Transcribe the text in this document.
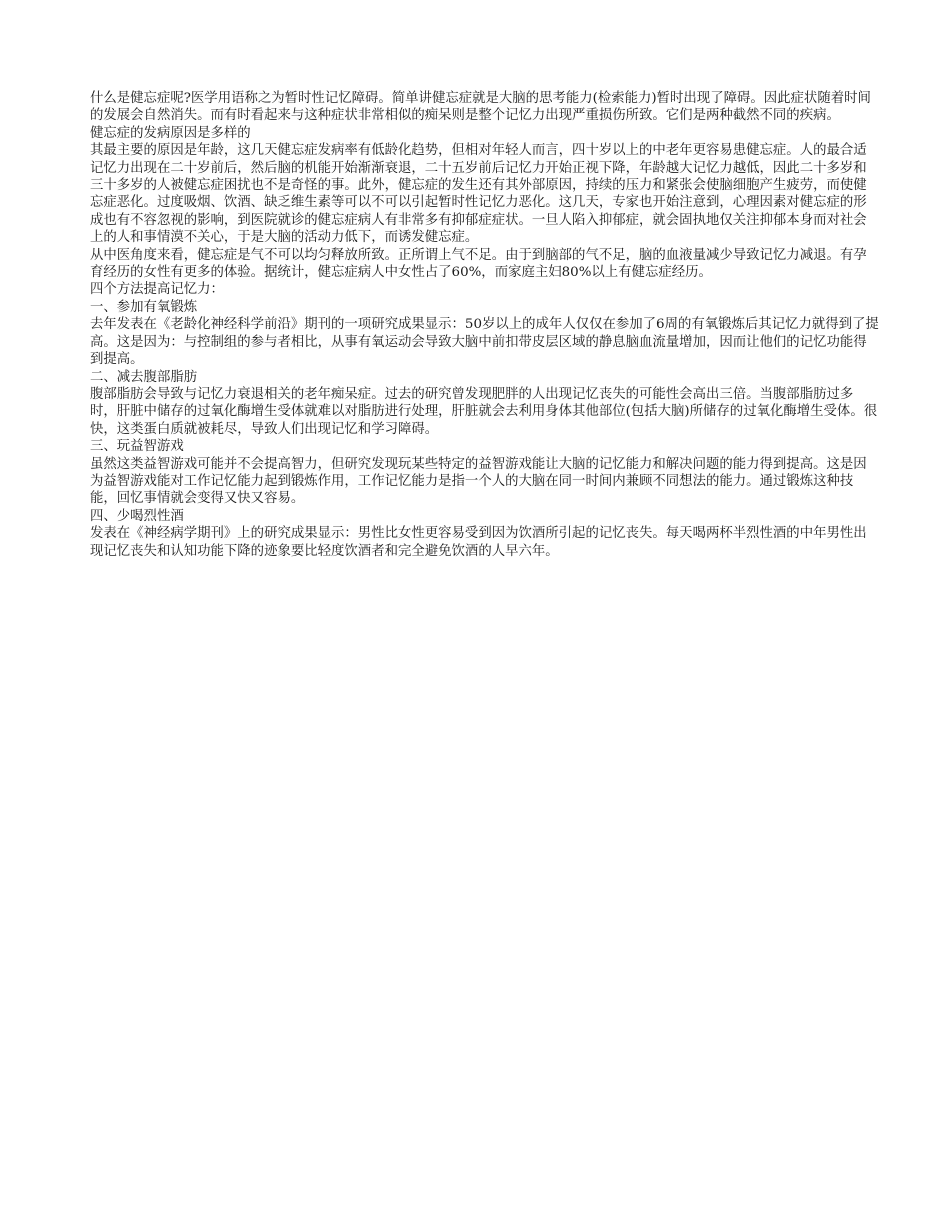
什么是健忘症呢?医学用语称之为暂时性记忆障碍。简单讲健忘症就是大脑的思考能力(检索能力)暂时出现了障碍。因此症状随着时间的发展会自然消失。而有时看起来与这种症状非常相似的痴呆则是整个记忆力出现严重损伤所致。它们是两种截然不同的疾病。

健忘症的发病原因是多样的

其最主要的原因是年龄，这几天健忘症发病率有低龄化趋势，但相对年轻人而言，四十岁以上的中老年更容易患健忘症。人的最合适记忆力出现在二十岁前后，然后脑的机能开始渐渐衰退，二十五岁前后记忆力开始正视下降，年龄越大记忆力越低，因此二十多岁和三十多岁的人被健忘症困扰也不是奇怪的事。此外，健忘症的发生还有其外部原因，持续的压力和紧张会使脑细胞产生疲劳，而使健忘症恶化。过度吸烟、饮酒、缺乏维生素等可以不可以引起暂时性记忆力恶化。这几天，专家也开始注意到，心理因素对健忘症的形成也有不容忽视的影响，到医院就诊的健忘症病人有非常多有抑郁症症状。一旦人陷入抑郁症，就会固执地仅关注抑郁本身而对社会上的人和事情漠不关心，于是大脑的活动力低下，而诱发健忘症。

从中医角度来看，健忘症是气不可以均匀释放所致。正所谓上气不足。由于到脑部的气不足，脑的血液量减少导致记忆力减退。有孕育经历的女性有更多的体验。据统计，健忘症病人中女性占了60%，而家庭主妇80%以上有健忘症经历。

四个方法提高记忆力：

一、参加有氧锻炼

去年发表在《老龄化神经科学前沿》期刊的一项研究成果显示：50岁以上的成年人仅仅在参加了6周的有氧锻炼后其记忆力就得到了提高。这是因为：与控制组的参与者相比，从事有氧运动会导致大脑中前扣带皮层区域的静息脑血流量增加，因而让他们的记忆功能得到提高。

二、减去腹部脂肪

腹部脂肪会导致与记忆力衰退相关的老年痴呆症。过去的研究曾发现肥胖的人出现记忆丧失的可能性会高出三倍。当腹部脂肪过多时，肝脏中储存的过氧化酶增生受体就难以对脂肪进行处理，肝脏就会去利用身体其他部位(包括大脑)所储存的过氧化酶增生受体。很快，这类蛋白质就被耗尽，导致人们出现记忆和学习障碍。

三、玩益智游戏

虽然这类益智游戏可能并不会提高智力，但研究发现玩某些特定的益智游戏能让大脑的记忆能力和解决问题的能力得到提高。这是因为益智游戏能对工作记忆能力起到锻炼作用，工作记忆能力是指一个人的大脑在同一时间内兼顾不同想法的能力。通过锻炼这种技能，回忆事情就会变得又快又容易。

四、少喝烈性酒

发表在《神经病学期刊》上的研究成果显示：男性比女性更容易受到因为饮酒所引起的记忆丧失。每天喝两杯半烈性酒的中年男性出现记忆丧失和认知功能下降的迹象要比轻度饮酒者和完全避免饮酒的人早六年。
